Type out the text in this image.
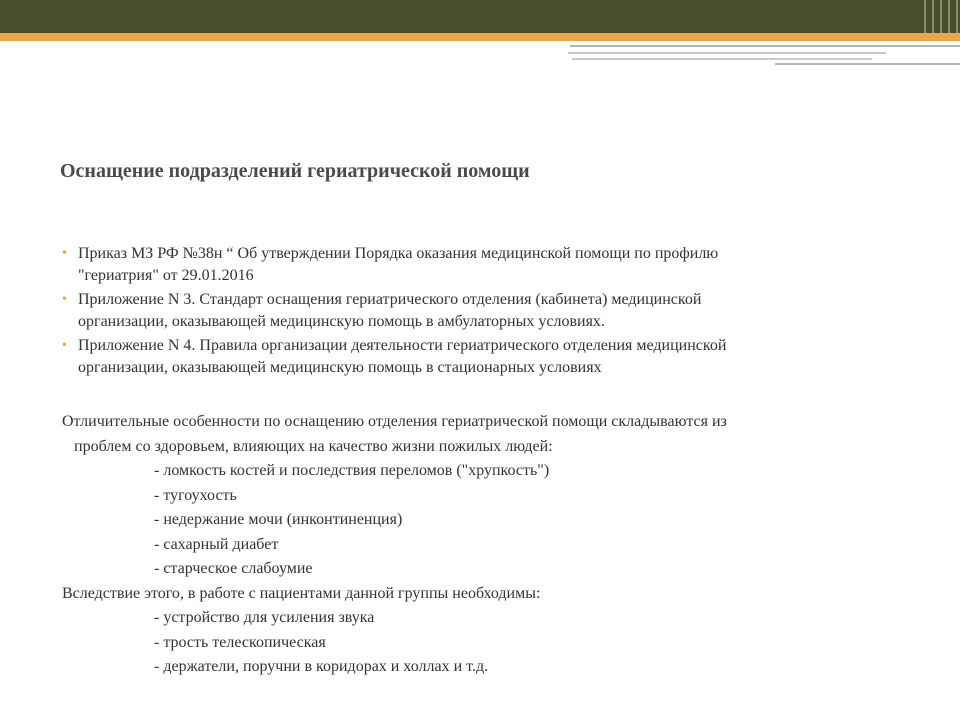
Оснащение подразделений гериатрической помощи
• Приказ МЗ РФ №38н “ Об утверждении Порядка оказания медицинской помощи по профилю
"гериатрия" от 29.01.2016
• Приложение N 3. Стандарт оснащения гериатрического отделения (кабинета) медицинской
организации, оказывающей медицинскую помощь в амбулаторных условиях.
• Приложение N 4. Правила организации деятельности гериатрического отделения медицинской
организации, оказывающей медицинскую помощь в стационарных условиях
Отличительные особенности по оснащению отделения гериатрической помощи складываются из
проблем со здоровьем, влияющих на качество жизни пожилых людей:
- ломкость костей и последствия переломов ("хрупкость")
- тугоухость
- недержание мочи (инконтиненция)
- сахарный диабет
- старческое слабоумие
Вследствие этого, в работе с пациентами данной группы необходимы:
- устройство для усиления звука
- трость телескопическая
- держатели, поручни в коридорах и холлах и т.д.
